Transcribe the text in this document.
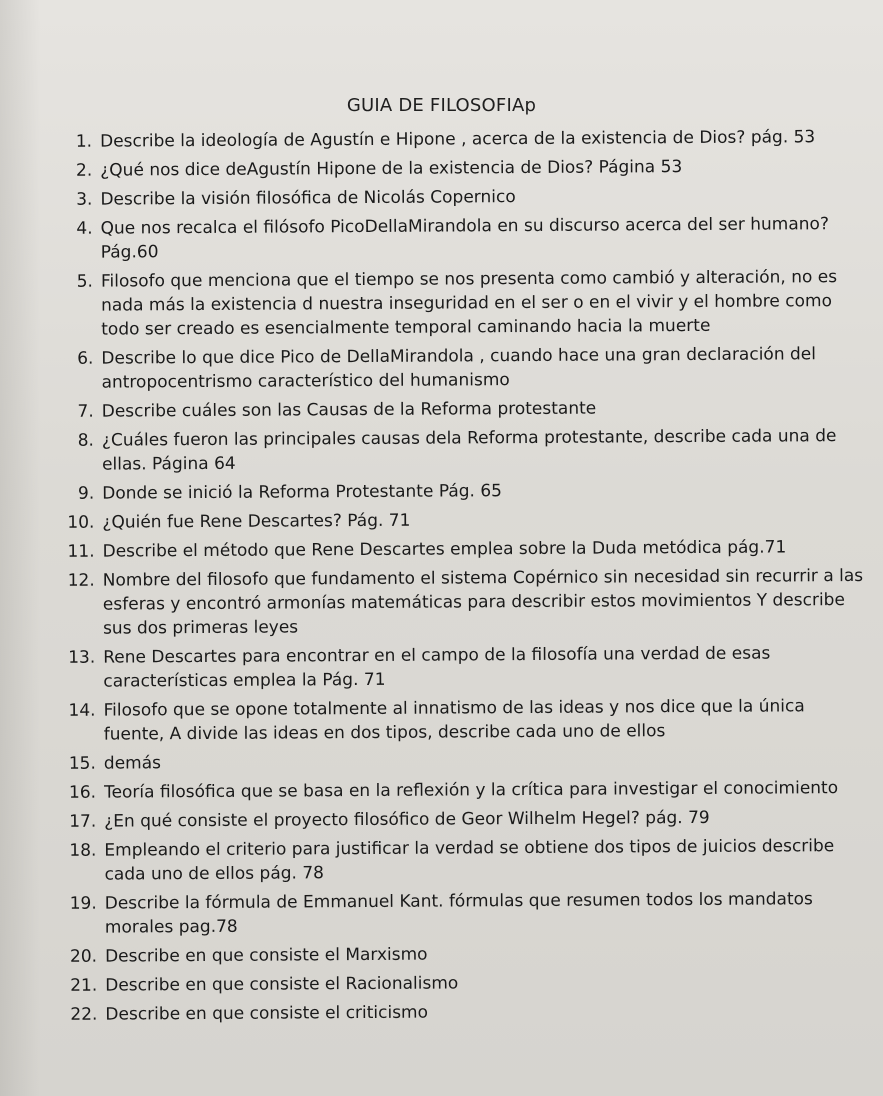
GUIA DE FILOSOFIAp
1. Describe la ideología de Agustín e Hipone , acerca de la existencia de Dios? pág. 53
2. ¿Qué nos dice deAgustín Hipone de la existencia de Dios? Página 53
3. Describe la visión filosófica de Nicolás Copernico
4. Que nos recalca el filósofo PicoDellaMirandola en su discurso acerca del ser humano? Pág.60
5. Filosofo que menciona que el tiempo se nos presenta como cambió y alteración, no es nada más la existencia d nuestra inseguridad en el ser o en el vivir y el hombre como todo ser creado es esencialmente temporal caminando hacia la muerte
6. Describe lo que dice Pico de DellaMirandola , cuando hace una gran declaración del antropocentrismo característico del humanismo
7. Describe cuáles son las Causas de la Reforma protestante
8. ¿Cuáles fueron las principales causas dela Reforma protestante, describe cada una de ellas. Página 64
9. Donde se inició la Reforma Protestante Pág. 65
10. ¿Quién fue Rene Descartes? Pág. 71
11. Describe el método que Rene Descartes emplea sobre la Duda metódica pág.71
12. Nombre del filosofo que fundamento el sistema Copérnico sin necesidad sin recurrir a las esferas y encontró armonías matemáticas para describir estos movimientos Y describe sus dos primeras leyes
13. Rene Descartes para encontrar en el campo de la filosofía una verdad de esas características emplea la Pág. 71
14. Filosofo que se opone totalmente al innatismo de las ideas y nos dice que la única fuente, A divide las ideas en dos tipos, describe cada uno de ellos
15. demás
16. Teoría filosófica que se basa en la reflexión y la crítica para investigar el conocimiento
17. ¿En qué consiste el proyecto filosófico de Geor Wilhelm Hegel? pág. 79
18. Empleando el criterio para justificar la verdad se obtiene dos tipos de juicios describe cada uno de ellos pág. 78
19. Describe la fórmula de Emmanuel Kant. fórmulas que resumen todos los mandatos morales pag.78
20. Describe en que consiste el Marxismo
21. Describe en que consiste el Racionalismo
22. Describe en que consiste el criticismo
